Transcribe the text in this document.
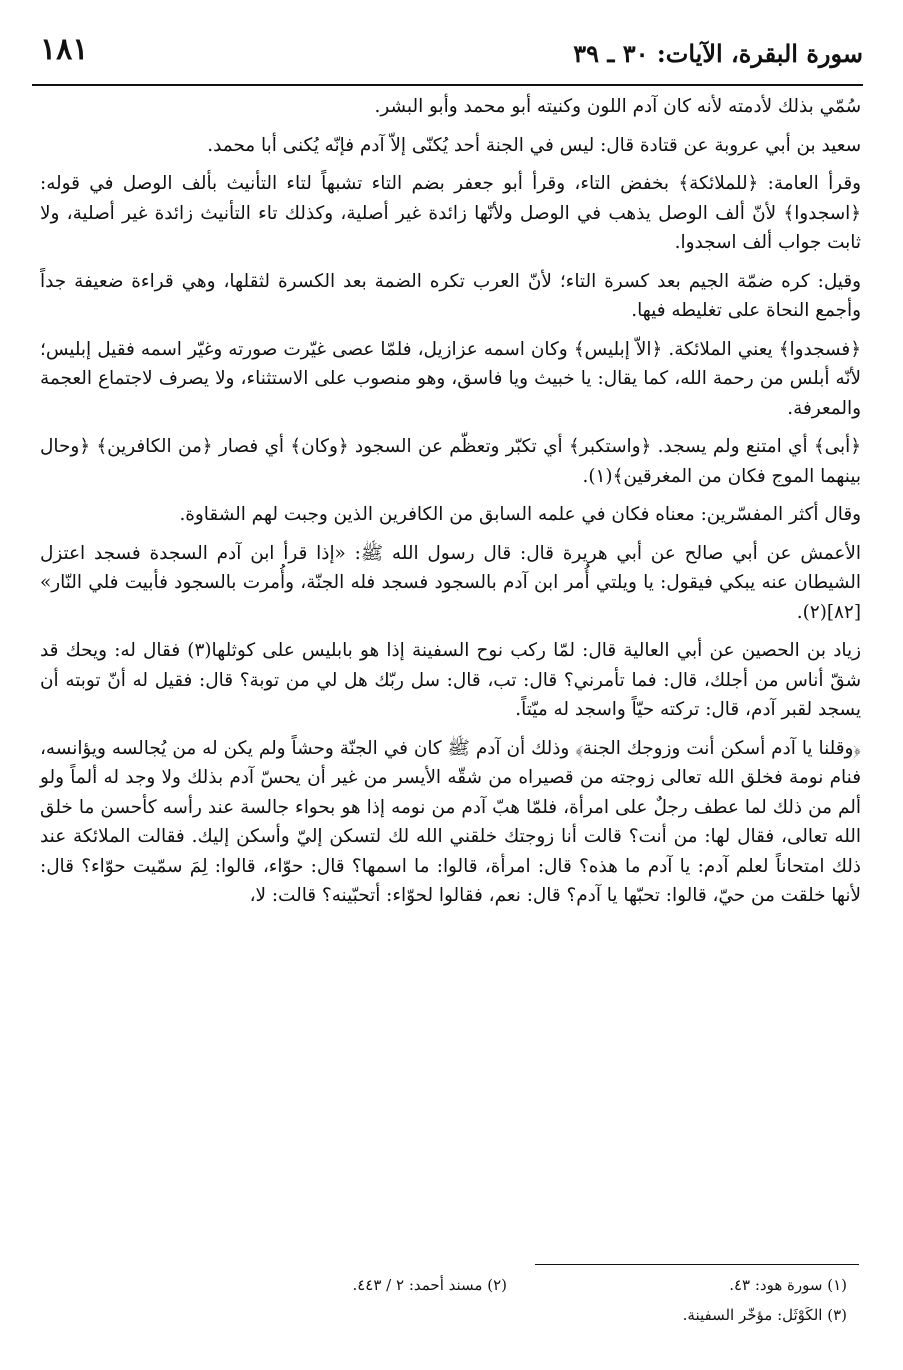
١٨١	سورة البقرة، الآيات: ٣٠ ـ ٣٩

سُمّي بذلك لأدمته لأنه كان آدم اللون وكنيته أبو محمد وأبو البشر.

سعيد بن أبي عروبة عن قتادة قال: ليس في الجنة أحد يُكنّى إلاّ آدم فإنّه يُكنى أبا محمد.

وقرأ العامة: ﴿للملائكة﴾ بخفض التاء، وقرأ أبو جعفر بضم التاء تشبهاً لتاء التأنيث بألف الوصل في قوله: ﴿اسجدوا﴾ لأنّ ألف الوصل يذهب في الوصل ولأنّها زائدة غير أصلية، وكذلك تاء التأنيث زائدة غير أصلية، ولا ثابت جواب ألف اسجدوا.

وقيل: كره ضمّة الجيم بعد كسرة التاء؛ لأنّ العرب تكره الضمة بعد الكسرة لثقلها، وهي قراءة ضعيفة جداً وأجمع النحاة على تغليطه فيها.

﴿فسجدوا﴾ يعني الملائكة. ﴿الاّ إبليس﴾ وكان اسمه عزازيل، فلمّا عصى غيّرت صورته وغيّر اسمه فقيل إبليس؛ لأنّه أبلس من رحمة الله، كما يقال: يا خبيث ويا فاسق، وهو منصوب على الاستثناء، ولا يصرف لاجتماع العجمة والمعرفة.

﴿أبى﴾ أي امتنع ولم يسجد. ﴿واستكبر﴾ أي تكبّر وتعظّم عن السجود ﴿وكان﴾ أي فصار ﴿من الكافرين﴾ ﴿وحال بينهما الموج فكان من المغرقين﴾(١).

وقال أكثر المفسّرين: معناه فكان في علمه السابق من الكافرين الذين وجبت لهم الشقاوة.

الأعمش عن أبي صالح عن أبي هريرة قال: قال رسول الله ﷺ: «إذا قرأ ابن آدم السجدة فسجد اعتزل الشيطان عنه يبكي فيقول: يا ويلتي أُمر ابن آدم بالسجود فسجد فله الجنّة، وأُمرت بالسجود فأبيت فلي النّار» [٨٢](٢).

زياد بن الحصين عن أبي العالية قال: لمّا ركب نوح السفينة إذا هو بابليس على كوثلها(٣) فقال له: ويحك قد شقّ أناس من أجلك، قال: فما تأمرني؟ قال: تب، قال: سل ربّك هل لي من توبة؟ قال: فقيل له أنّ توبته أن يسجد لقبر آدم، قال: تركته حيّاً واسجد له ميّتاً.

﴿وقلنا يا آدم أسكن أنت وزوجك الجنة﴾ وذلك أن آدم ﷺ كان في الجنّة وحشاً ولم يكن له من يُجالسه ويؤانسه، فنام نومة فخلق الله تعالى زوجته من قصيراه من شقّه الأيسر من غير أن يحسّ آدم بذلك ولا وجد له ألماً ولو ألم من ذلك لما عطف رجلٌ على امرأة، فلمّا هبّ آدم من نومه إذا هو بحواء جالسة عند رأسه كأحسن ما خلق الله تعالى، فقال لها: من أنت؟ قالت أنا زوجتك خلقني الله لك لتسكن إليّ وأسكن إليك. فقالت الملائكة عند ذلك امتحاناً لعلم آدم: يا آدم ما هذه؟ قال: امرأة، قالوا: ما اسمها؟ قال: حوّاء، قالوا: لِمَ سمّيت حوّاء؟ قال: لأنها خلقت من حيّ، قالوا: تحبّها يا آدم؟ قال: نعم، فقالوا لحوّاء: أتحبّينه؟ قالت: لا،

(١) سورة هود: ٤٣.
(٢) مسند أحمد: ٢ / ٤٤٣.
(٣) الكَوْثَل: مؤخّر السفينة.
